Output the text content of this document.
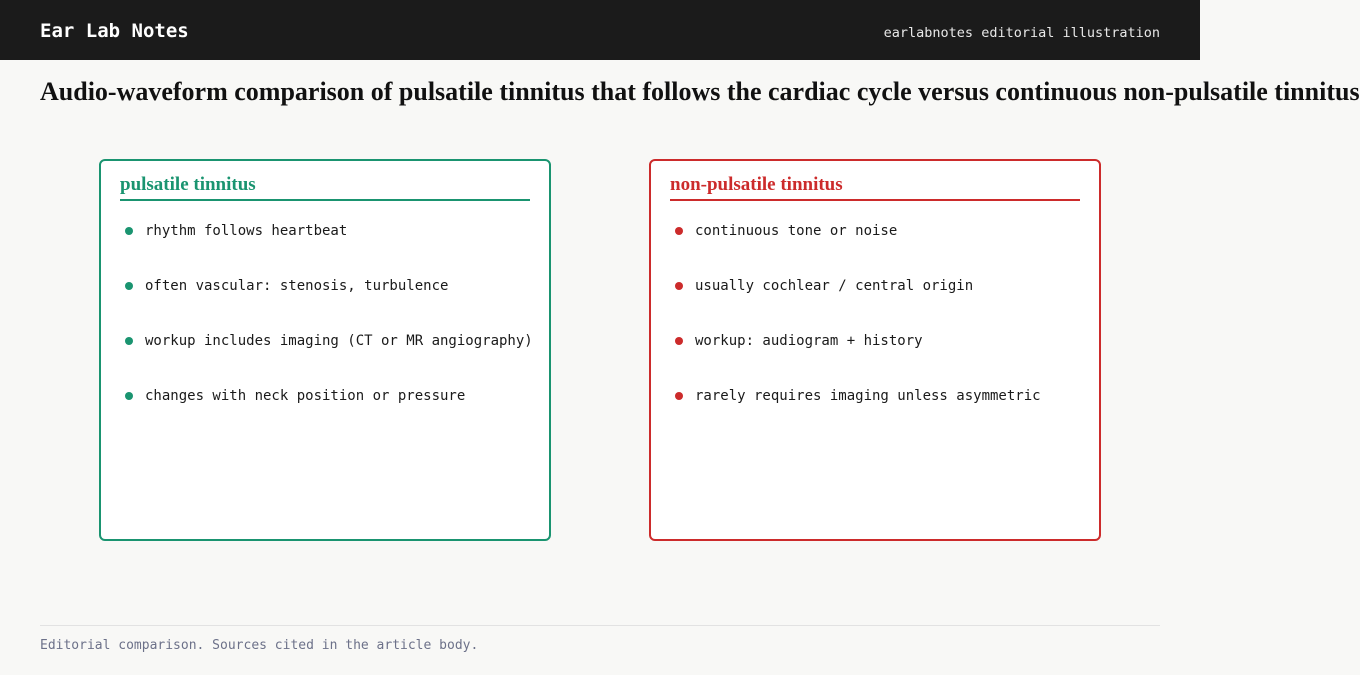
Ear Lab Notes	earlabnotes editorial illustration
Audio-waveform comparison of pulsatile tinnitus that follows the cardiac cycle versus continuous non-pulsatile tinnitus
pulsatile tinnitus
rhythm follows heartbeat
often vascular: stenosis, turbulence
workup includes imaging (CT or MR angiography)
changes with neck position or pressure
non-pulsatile tinnitus
continuous tone or noise
usually cochlear / central origin
workup: audiogram + history
rarely requires imaging unless asymmetric
Editorial comparison. Sources cited in the article body.
